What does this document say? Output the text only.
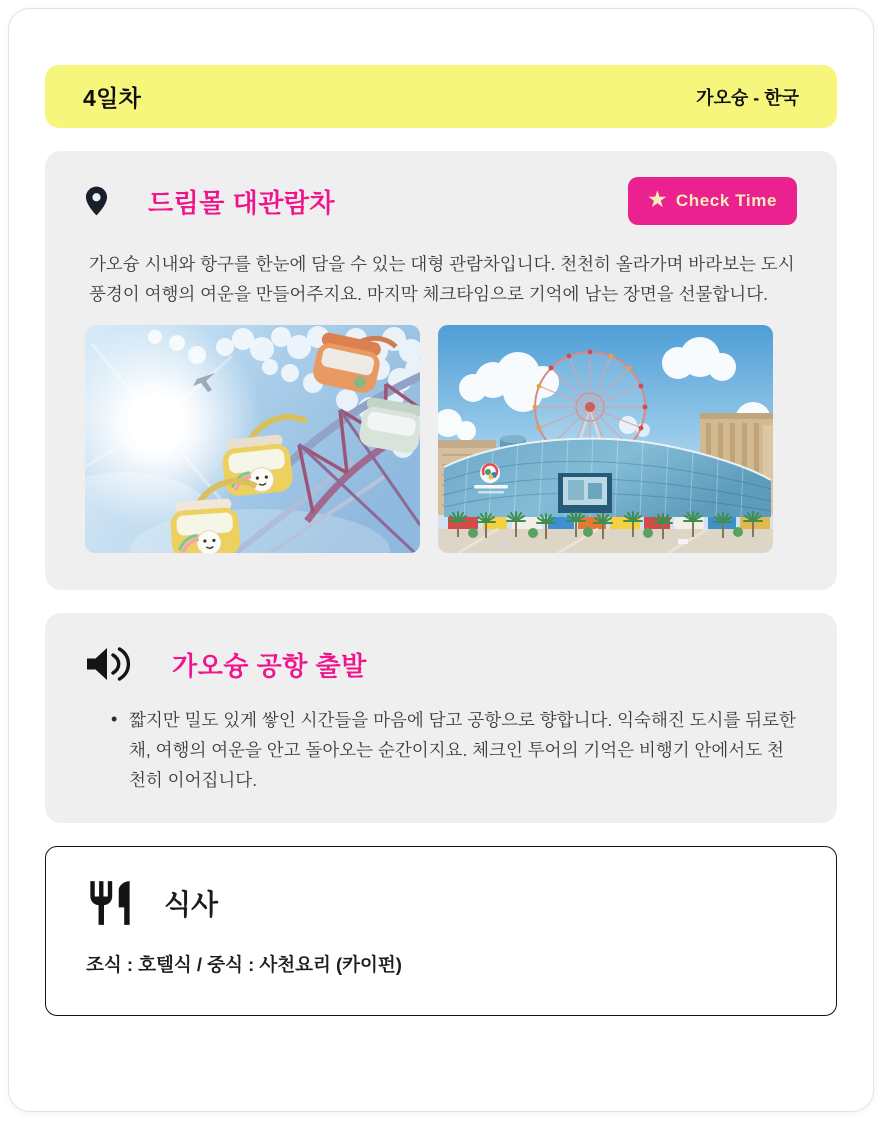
4일차	가오슝 - 한국
드림몰 대관람차	★ Check Time

가오슝 시내와 항구를 한눈에 담을 수 있는 대형 관람차입니다. 천천히 올라가며 바라보는 도시 풍경이 여행의 여운을 만들어주지요. 마지막 체크타임으로 기억에 남는 장면을 선물합니다.

가오슝 공항 출발
• 짧지만 밀도 있게 쌓인 시간들을 마음에 담고 공항으로 향합니다. 익숙해진 도시를 뒤로한 채, 여행의 여운을 안고 돌아오는 순간이지요. 체크인 투어의 기억은 비행기 안에서도 천천히 이어집니다.
식사
조식 : 호텔식 / 중식 : 사천요리 (카이펀)
